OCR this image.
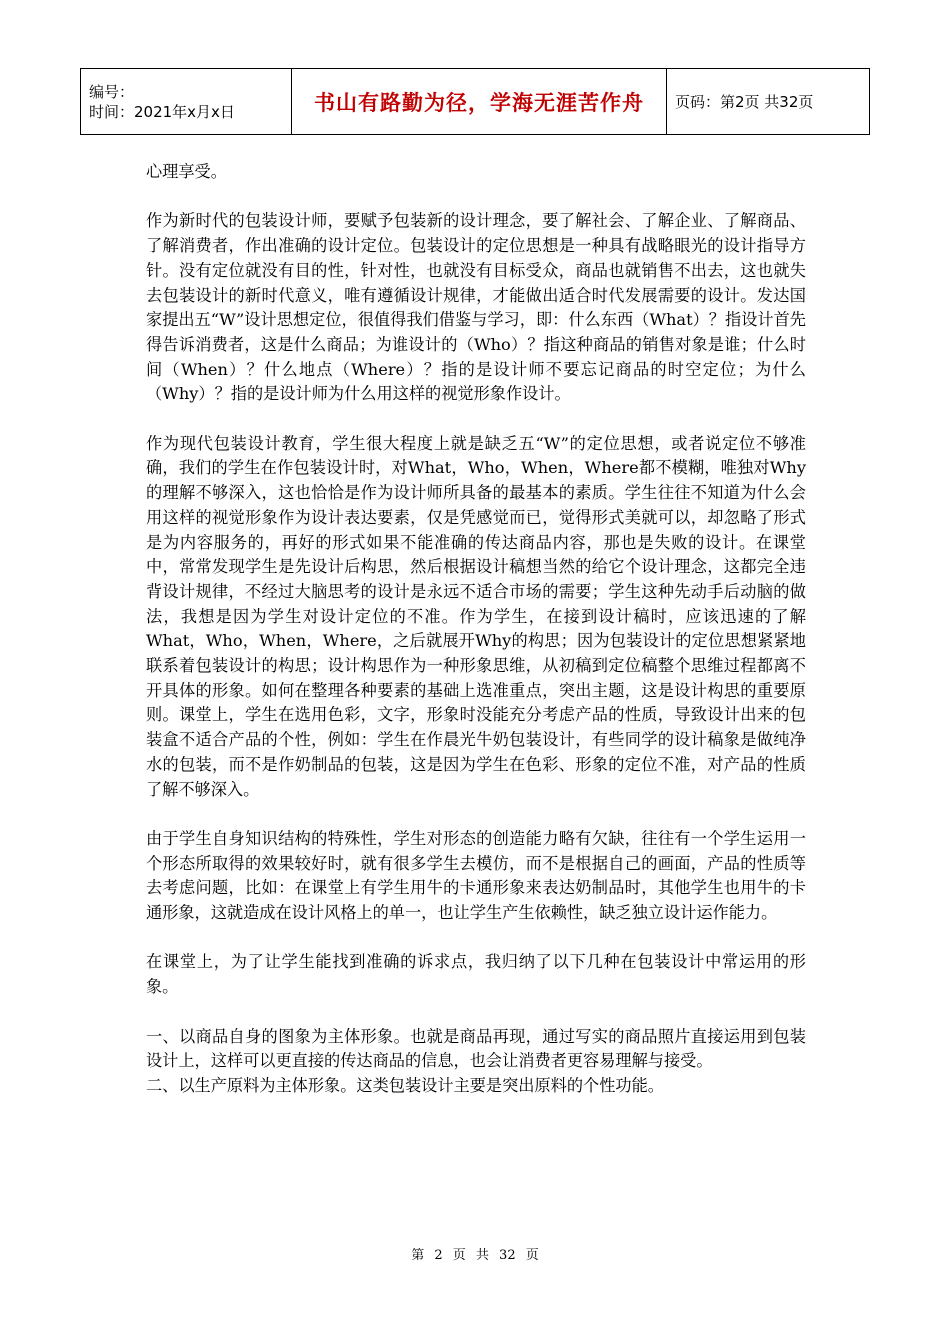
编号：
时间：2021年x月x日	书山有路勤为径，学海无涯苦作舟	页码：第2页 共32页

心理享受。

作为新时代的包装设计师，要赋予包装新的设计理念，要了解社会、了解企业、了解商品、了解消费者，作出准确的设计定位。包装设计的定位思想是一种具有战略眼光的设计指导方针。没有定位就没有目的性，针对性，也就没有目标受众，商品也就销售不出去，这也就失去包装设计的新时代意义，唯有遵循设计规律，才能做出适合时代发展需要的设计。发达国家提出五“W”设计思想定位，很值得我们借鉴与学习，即：什么东西（What）？指设计首先得告诉消费者，这是什么商品；为谁设计的（Who）？指这种商品的销售对象是谁；什么时间（When）？什么地点（Where）？指的是设计师不要忘记商品的时空定位；为什么（Why）？指的是设计师为什么用这样的视觉形象作设计。

作为现代包装设计教育，学生很大程度上就是缺乏五“W”的定位思想，或者说定位不够准确，我们的学生在作包装设计时，对What，Who，When，Where都不模糊，唯独对Why的理解不够深入，这也恰恰是作为设计师所具备的最基本的素质。学生往往不知道为什么会用这样的视觉形象作为设计表达要素，仅是凭感觉而已，觉得形式美就可以，却忽略了形式是为内容服务的，再好的形式如果不能准确的传达商品内容，那也是失败的设计。在课堂中，常常发现学生是先设计后构思，然后根据设计稿想当然的给它个设计理念，这都完全违背设计规律，不经过大脑思考的设计是永远不适合市场的需要；学生这种先动手后动脑的做法，我想是因为学生对设计定位的不准。作为学生，在接到设计稿时，应该迅速的了解What，Who，When，Where，之后就展开Why的构思；因为包装设计的定位思想紧紧地联系着包装设计的构思；设计构思作为一种形象思维，从初稿到定位稿整个思维过程都离不开具体的形象。如何在整理各种要素的基础上选准重点，突出主题，这是设计构思的重要原则。课堂上，学生在选用色彩，文字，形象时没能充分考虑产品的性质，导致设计出来的包装盒不适合产品的个性，例如：学生在作晨光牛奶包装设计，有些同学的设计稿象是做纯净水的包装，而不是作奶制品的包装，这是因为学生在色彩、形象的定位不准，对产品的性质了解不够深入。

由于学生自身知识结构的特殊性，学生对形态的创造能力略有欠缺，往往有一个学生运用一个形态所取得的效果较好时，就有很多学生去模仿，而不是根据自己的画面，产品的性质等去考虑问题，比如：在课堂上有学生用牛的卡通形象来表达奶制品时，其他学生也用牛的卡通形象，这就造成在设计风格上的单一，也让学生产生依赖性，缺乏独立设计运作能力。

在课堂上，为了让学生能找到准确的诉求点，我归纳了以下几种在包装设计中常运用的形象。

一、以商品自身的图象为主体形象。也就是商品再现，通过写实的商品照片直接运用到包装设计上，这样可以更直接的传达商品的信息，也会让消费者更容易理解与接受。

二、以生产原料为主体形象。这类包装设计主要是突出原料的个性功能。

第 2 页 共 32 页
